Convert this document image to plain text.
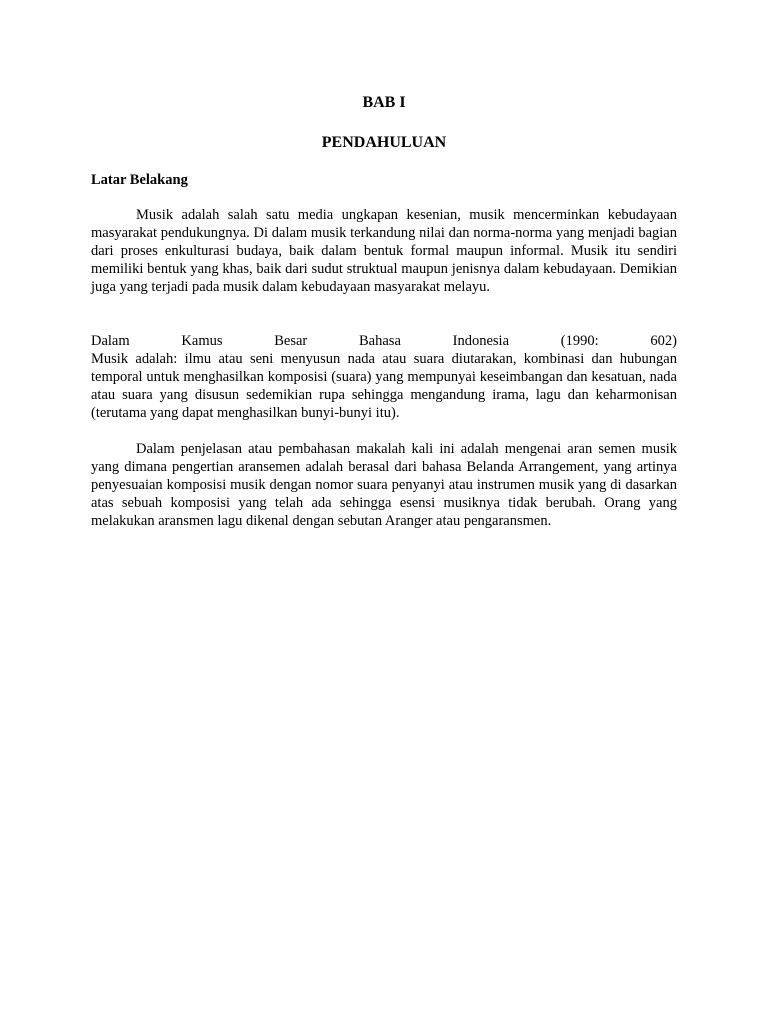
BAB I

PENDAHULUAN

Latar Belakang

Musik adalah salah satu media ungkapan kesenian, musik mencerminkan kebudayaan masyarakat pendukungnya. Di dalam musik terkandung nilai dan norma-norma yang menjadi bagian dari proses enkulturasi budaya, baik dalam bentuk formal maupun informal. Musik itu sendiri memiliki bentuk yang khas, baik dari sudut struktual maupun jenisnya dalam kebudayaan. Demikian juga yang terjadi pada musik dalam kebudayaan masyarakat melayu.

Dalam	Kamus	Besar	Bahasa	Indonesia	(1990:	602)
Musik adalah: ilmu atau seni menyusun nada atau suara diutarakan, kombinasi dan hubungan temporal untuk menghasilkan komposisi (suara) yang mempunyai keseimbangan dan kesatuan, nada atau suara yang disusun sedemikian rupa sehingga mengandung irama, lagu dan keharmonisan (terutama yang dapat menghasilkan bunyi-bunyi itu).

Dalam penjelasan atau pembahasan makalah kali ini adalah mengenai aran semen musik yang dimana pengertian aransemen adalah berasal dari bahasa Belanda Arrangement, yang artinya penyesuaian komposisi musik dengan nomor suara penyanyi atau instrumen musik yang di dasarkan atas sebuah komposisi yang telah ada sehingga esensi musiknya tidak berubah. Orang yang melakukan aransmen lagu dikenal dengan sebutan Aranger atau pengaransmen.
